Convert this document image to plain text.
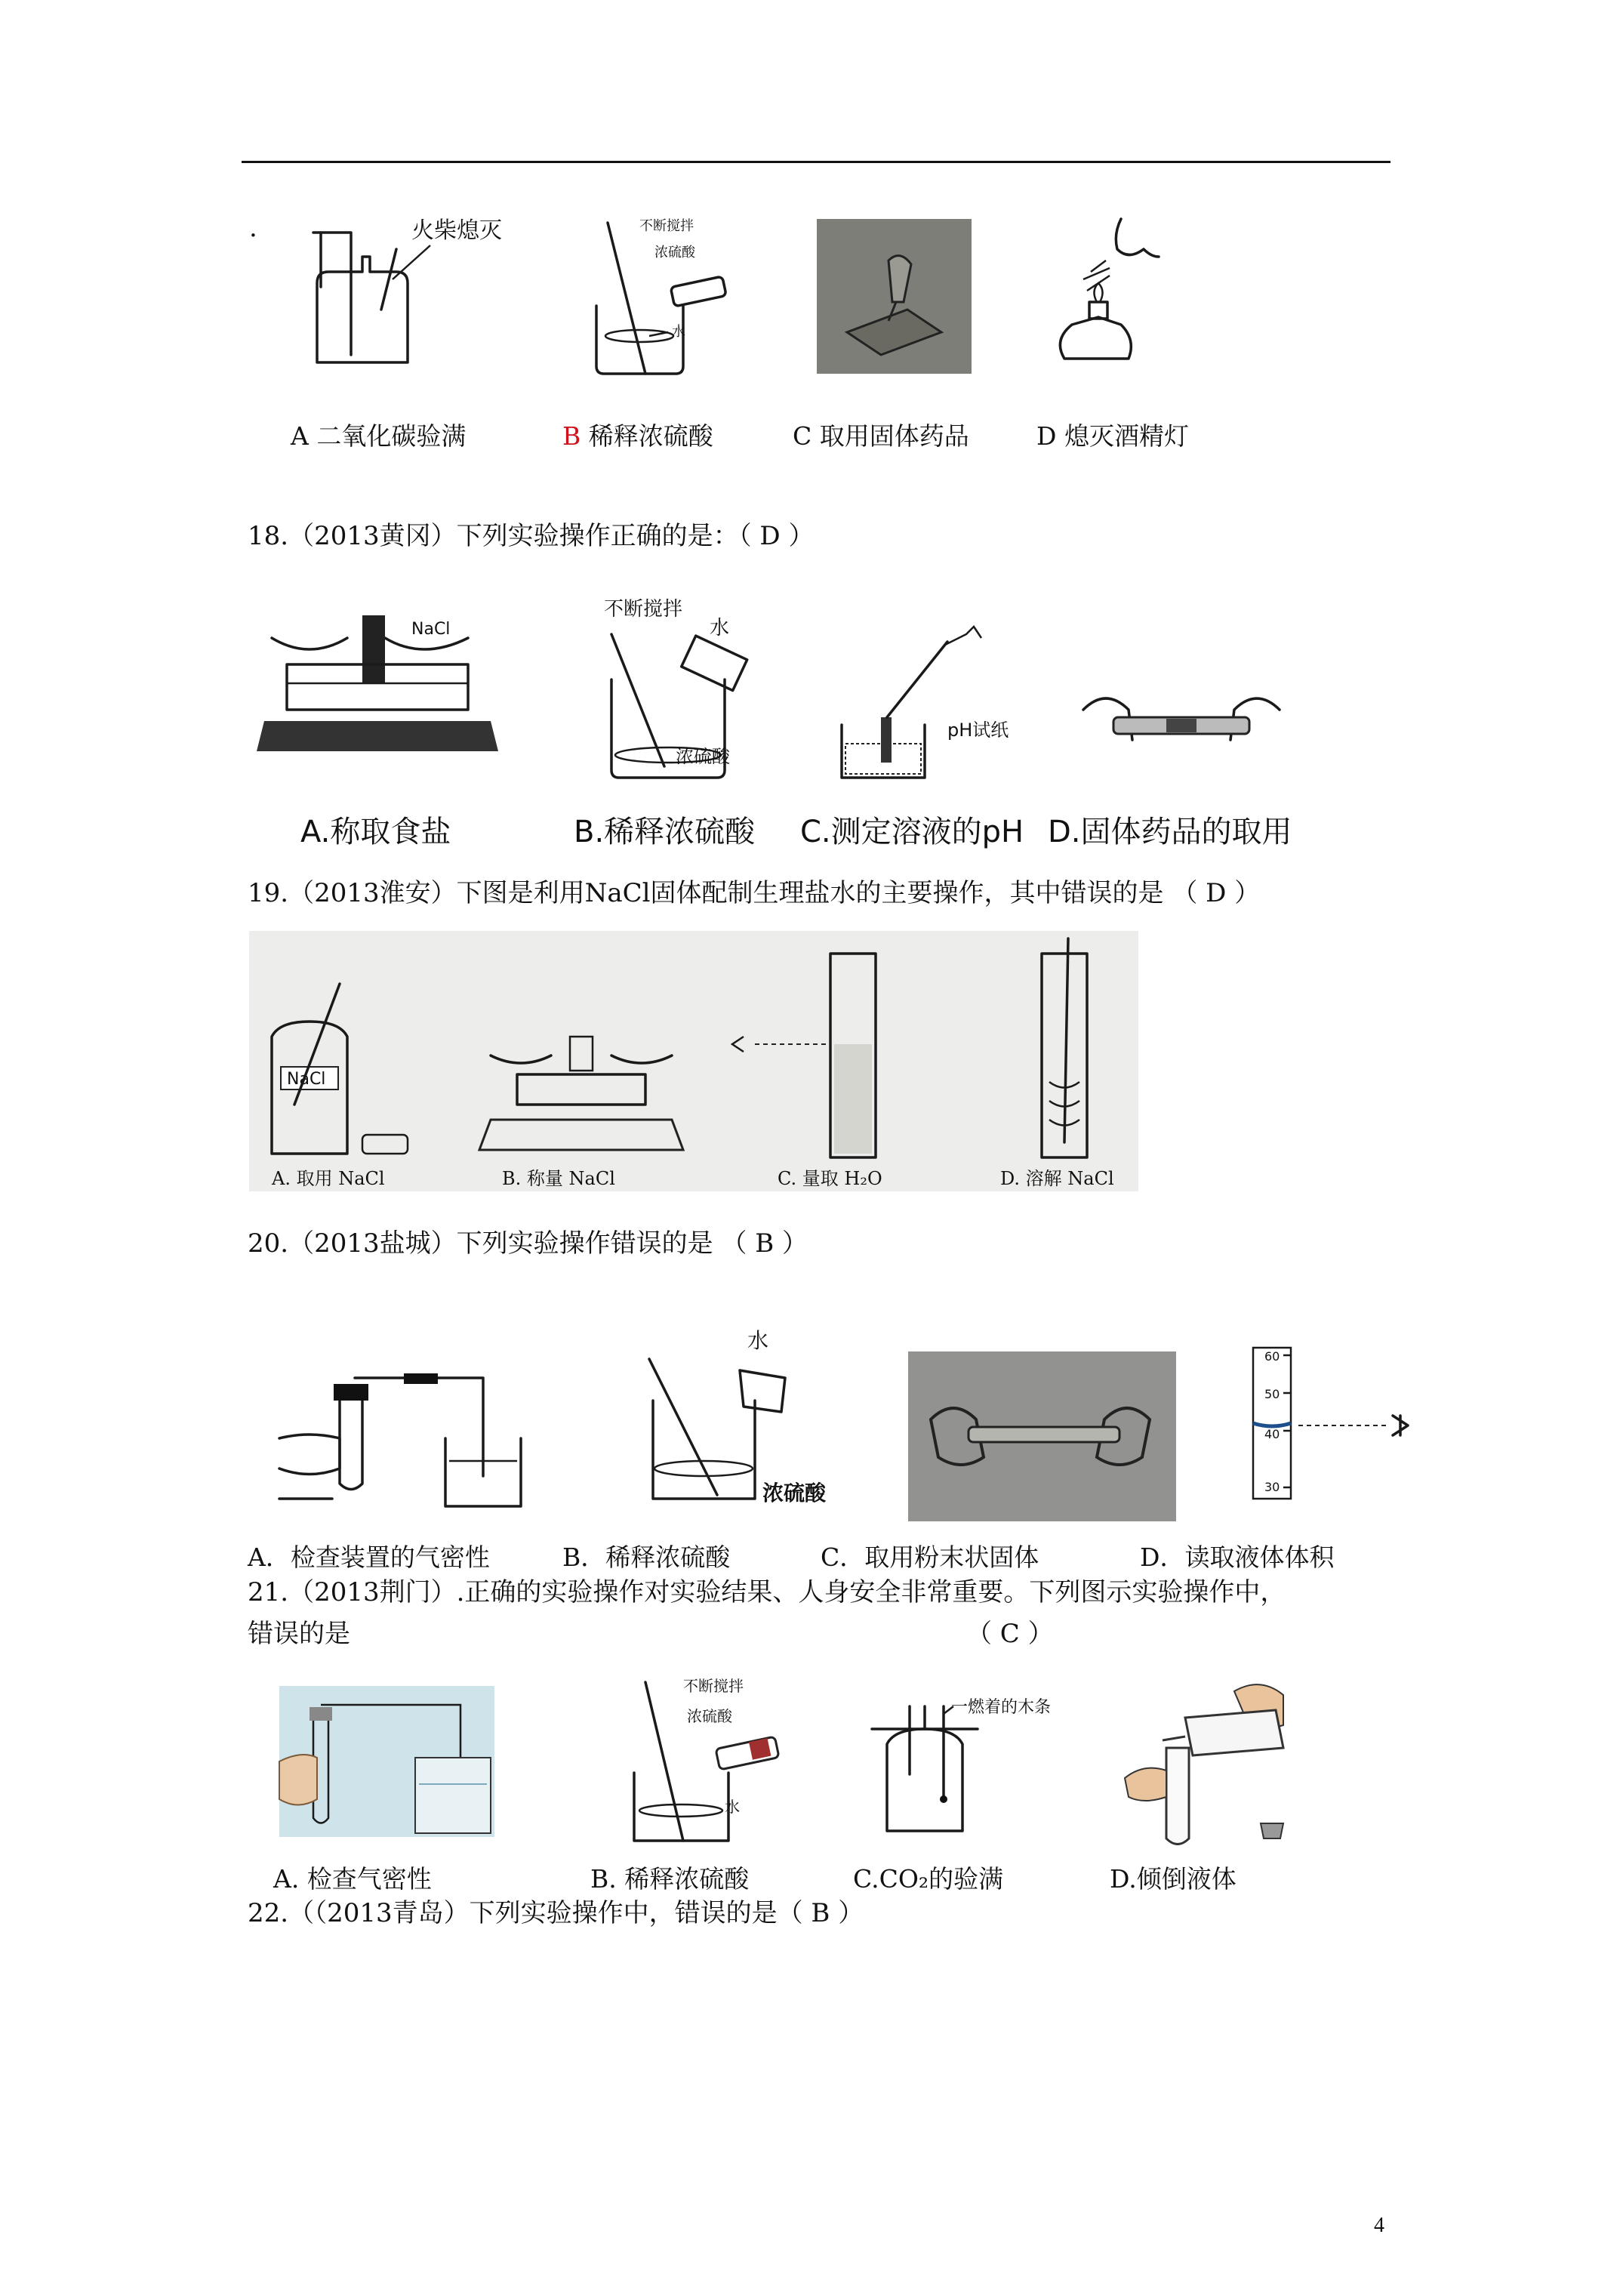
.	火柴熄灭	不断搅拌
浓硫酸
水
A 二氧化碳验满	B 稀释浓硫酸	C 取用固体药品	D 熄灭酒精灯
18.（2013黄冈）下列实验操作正确的是：（ D ）
NaCl
A.称取食盐
不断搅拌
水
浓硫酸
pH试纸
B.稀释浓硫酸 C.测定溶液的pH D.固体药品的取用
19.（2013淮安）下图是利用NaCl固体配制生理盐水的主要操作，其中错误的是 （ D ）
NaCl
A. 取用 NaCl	B. 称量 NaCl	C. 量取 H₂O	D. 溶解 NaCl
20.（2013盐城）下列实验操作错误的是 （ B ）
水
浓硫酸
60
50
40
30
A．检查装置的气密性	B．稀释浓硫酸	C．取用粉末状固体	D．读取液体体积
21.（2013荆门）.正确的实验操作对实验结果、人身安全非常重要。下列图示实验操作中，
错误的是	（ C ）
不断搅拌
浓硫酸
水
一燃着的木条
A. 检查气密性	B. 稀释浓硫酸	C.CO₂的验满	D.倾倒液体
22.（（2013青岛）下列实验操作中，错误的是（ B ）
4
